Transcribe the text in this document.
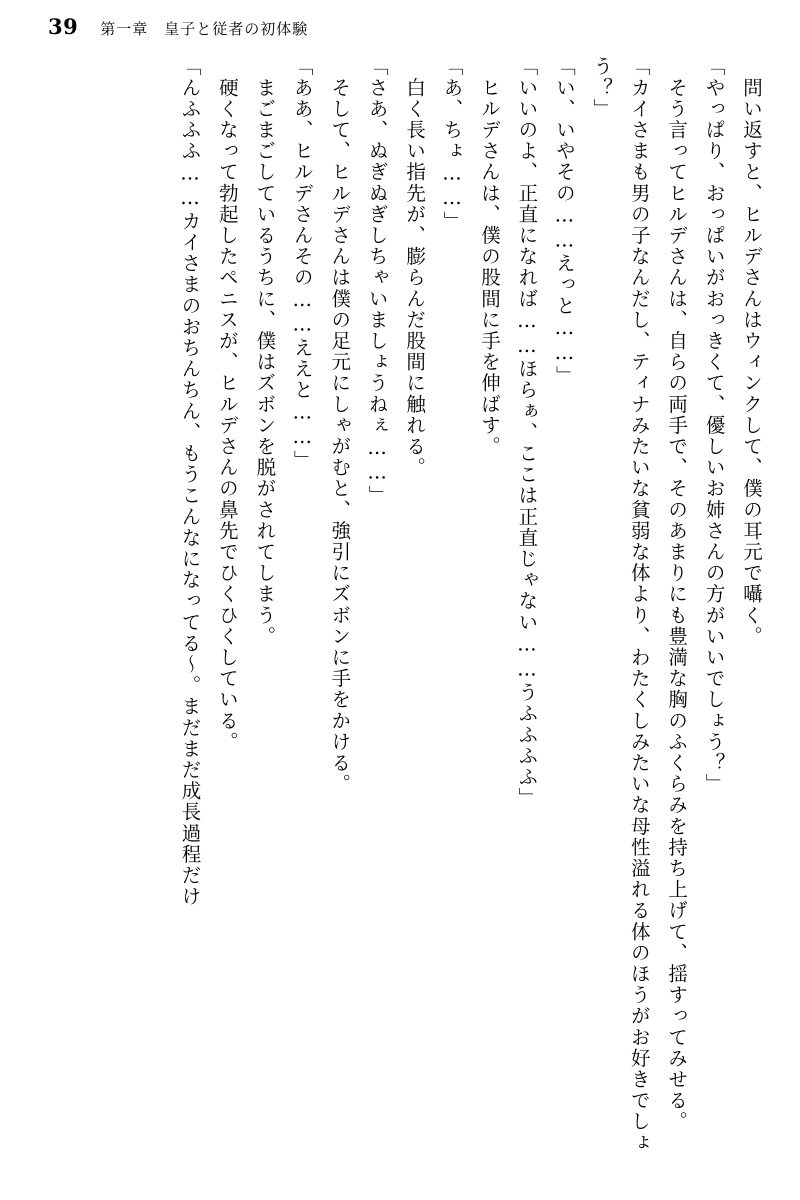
39 第一章　皇子と従者の初体験

　問い返すと、ヒルデさんはウィンクして、僕の耳元で囁く。

「やっぱり、おっぱいがおっきくて、優しいお姉さんの方がいいでしょう？」

　そう言ってヒルデさんは、自らの両手で、そのあまりにも豊満な胸のふくらみを持ち上げて、揺すってみせる。

「カイさまも男の子なんだし、ティナみたいな貧弱な体より、わたくしみたいな母性溢れる体のほうがお好きでしょう？」

「い、いやその……えっと……」

「いいのよ、正直になれば……ほらぁ、ここは正直じゃない……うふふふふ」

　ヒルデさんは、僕の股間に手を伸ばす。

「あ、ちょ……」

　白く長い指先が、膨らんだ股間に触れる。

「さあ、ぬぎぬぎしちゃいましょうねぇ……」

　そして、ヒルデさんは僕の足元にしゃがむと、強引にズボンに手をかける。

「ああ、ヒルデさんその……ええと……」

　まごまごしているうちに、僕はズボンを脱がされてしまう。

　硬くなって勃起したペニスが、ヒルデさんの鼻先でひくひくしている。

「んふふふ……カイさまのおちんちん、もうこんなになってる～。まだまだ成長過程だけ
